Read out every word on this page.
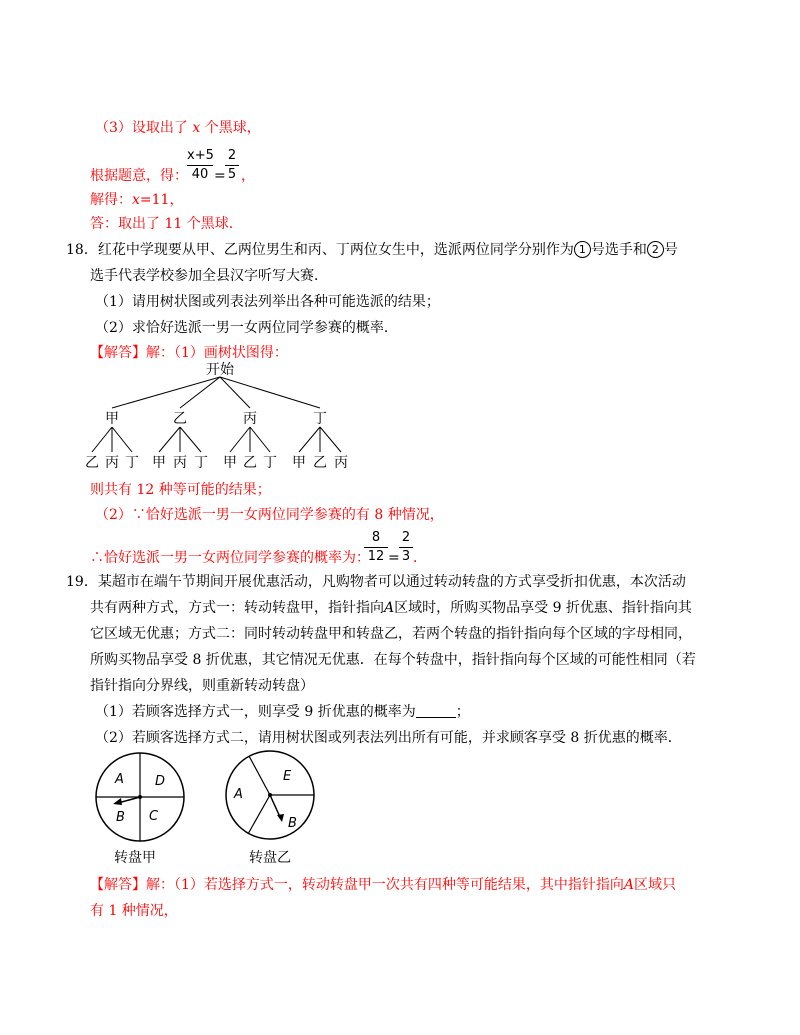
（3）设取出了 x 个黑球，
根据题意，得：
x+5
40 =
2
5 ，
解得：x=11，
答：取出了 11 个黑球．
18．红花中学现要从甲、乙两位男生和丙、丁两位女生中，选派两位同学分别作为 1 号选手和 2 号
选手代表学校参加全县汉字听写大赛．
（1）请用树状图或列表法列举出各种可能选派的结果；
（2）求恰好选派一男一女两位同学参赛的概率．
【解答】解：（1）画树状图得：
开始
甲	乙	丙	丁
乙 丙 丁 甲 丙 丁 甲 乙 丁 甲 乙 丙
则共有 12 种等可能的结果；
（2）∵恰好选派一男一女两位同学参赛的有 8 种情况，
∴恰好选派一男一女两位同学参赛的概率为：
8
12 =
2
3 ．
19．某超市在端午节期间开展优惠活动，凡购物者可以通过转动转盘的方式享受折扣优惠，本次活动
共有两种方式，方式一：转动转盘甲，指针指向A区域时，所购买物品享受 9 折优惠、指针指向其
它区域无优惠；方式二：同时转动转盘甲和转盘乙，若两个转盘的指针指向每个区域的字母相同，
所购买物品享受 8 折优惠，其它情况无优惠．在每个转盘中，指针指向每个区域的可能性相同（若
指针指向分界线，则重新转动转盘）
（1）若顾客选择方式一，则享受 9 折优惠的概率为	；
（2）若顾客选择方式二，请用树状图或列表法列出所有可能，并求顾客享受 8 折优惠的概率．
A D
B C
转盘甲
E
A
B
转盘乙
【解答】解：（1）若选择方式一，转动转盘甲一次共有四种等可能结果，其中指针指向A区域只
有 1 种情况，
